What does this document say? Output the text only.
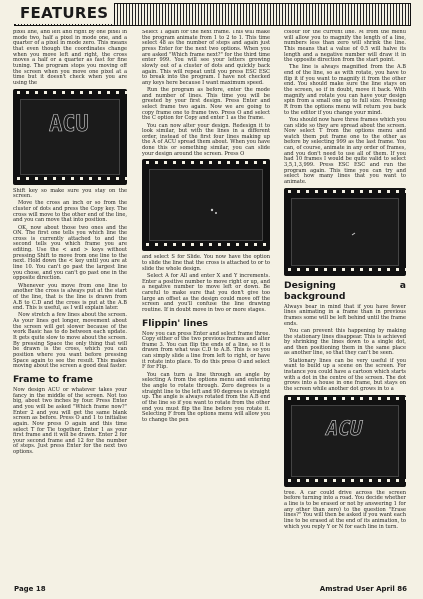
FEATURES

pixel line, and left and right by one pixel in mode two, half a pixel in mode one, and a quarter of a pixel in mode zero. This means that even though the coordinates change when you move left and right, the cross moves a half or a quarter as fast for fine tuning. The program stops you moving off the screen when you move one pixel at a time but it doesn't check when you are using the

ACU

Shift key so make sure you stay on the screen.

Move the cross an inch or so from the cluster of dots and press the Copy key. The cross will move to the other end of the line, and you can move that into position.

OK, now about those two ones and the ON. The first one tells you which line the cross is currently attached to and the second tells you which frame you are editing. Use the < and > keys without pressing Shift to move from one line to the next. Hold down the < key until you are at line 10. You can't go past the largest line you chose, and you can't go past one in the opposite direction.

Whenever you move from one line to another the cross is always put at the start of the line, that is the line is drawn from A.B to C.D and the cross is put at the A.B end. This is useful, as I will explain later.

Now stretch a few lines about the screen. As your lines get longer, movement about the screen will get slower because of the work Basic has to do between each update. It gets quite slow to move about the screen. By pressing Space the only thing that will be drawn is the cross, which you can position where you want before pressing Space again to see the result. This makes moving about the screen a good deal faster.

Frame to frame

Now design ACU or whatever takes your fancy in the middle of the screen. Not too big, about two inches by four. Press Enter and you will be asked "Which frame now?" Enter 2 and you will get the same blank screen as before. Press O and 1 to initialise again. Now press O again and this time select T for Tie together. Enter 1 as your first frame and it will be drawn. Enter 2 for your second frame and 12 for the number of steps. Just press Enter for the next two options.

Select 1 again for the next frame. This will make the program animate from 1 to 2 to 1. This time select 48 as the number of steps and again just press Enter for the next two options. When you are asked "Which frame next?" for the third time enter 999. You will see your letters growing slowly out of a cluster of dots and quickly back again. This will repeat until you press ESC ESC to break into the program. I have not checked any keys here because I want maximum speed.

Run the program as before, enter the mode and number of lines. This time you will be greeted by your first design. Press Enter and select frame two again. Now we are going to copy frame one to frame two. Press O and select the C option for Copy and enter 1 as the frame.

You can now alter your design. Redesign it to look similar, but with the lines in a different order, instead of the first four lines making up the A of ACU spread them about. When you have done this or something similar, you can slide your design around the screen. Press O

and select S for Slide. You now have the option to slide the line that the cross is attached to or to slide the whole design.

Select A for All and enter X and Y increments. Enter a positive number to move right or up, and a negative number to move left or down. Be careful to make sure that you don't give too large an offset as the design could move off the screen and you'll confuse the line drawing routine. If in doubt move in two or more stages.

Flippin' lines

Now you can press Enter and select frame three. Copy either of the two previous frames and alter frame 3. You can flip the ends of a line, so it is drawn from what was C.D to A.B. This is so you can simply slide a line from left to right, or have it rotate into place. To do this press O and select F for Flip.

You can turn a line through an angle by selecting A from the options menu and entering the angle to rotate through. Zero degrees is a straight line to the left and 90 degrees is straight up. The angle is always rotated from the A.B end of the line so if you want to rotate from the other end you must flip the line before you rotate it. Selecting F from the options menu will allow you to change the pen

colour for the current line. M from the menu will allow you to magnify the length of a line, numbers less than zero will shrink the line. This means that a value of 0.5 will halve its length and a negative number will draw it in the opposite direction from the start point.

The line is always magnified from the A.B end of the line, so as with rotate, you have to flip it if you want to magnify it from the other end. You should make sure the line stays on the screen, so if in doubt, move it back. With magnify and rotate you can have your design spin from a small one up to full size. Pressing R from the options menu will return you back to the editor if you change your mind.

You should now have three frames which you can slide so they are spread about the screen. Now select T from the options menu and watch them put frame one to the other as before by selecting 999 as the last frame. You can, of course, animate in any order of frames, and you don't need to use all of them. If you had 10 frames I would be quite valid to select 3,5,1,3,999. Press ESC ESC and run the program again. This time you can try and select how many lines that you want to animate.

Designing a background

Always bear in mind that if you have fewer lines animating in a frame than in previous frames some will be left behind until the frame ends.

You can prevent this happening by making the stationary lines disappear. This is achieved by shrinking the lines down to a single dot, and then positioning them in the same place as another line, so that they can't be seen.

Stationary lines can be very useful if you want to build up a scene on the screen. For instance you could have a cartoon which starts with a dot in the centre of the screen. The dot grows into a house in one frame, but stays on the screen while another dot grows in to a

ACU

tree. A car could drive across the screen before turning into a road. You decide whether a line is to be erased or not by answering 1 for any other than zero) to the question "Erase lines?" You will then be asked if you want each line to be erased at the end of its animation, to which you reply Y or N for each line in turn.

Page 18	Amstrad User April 86
